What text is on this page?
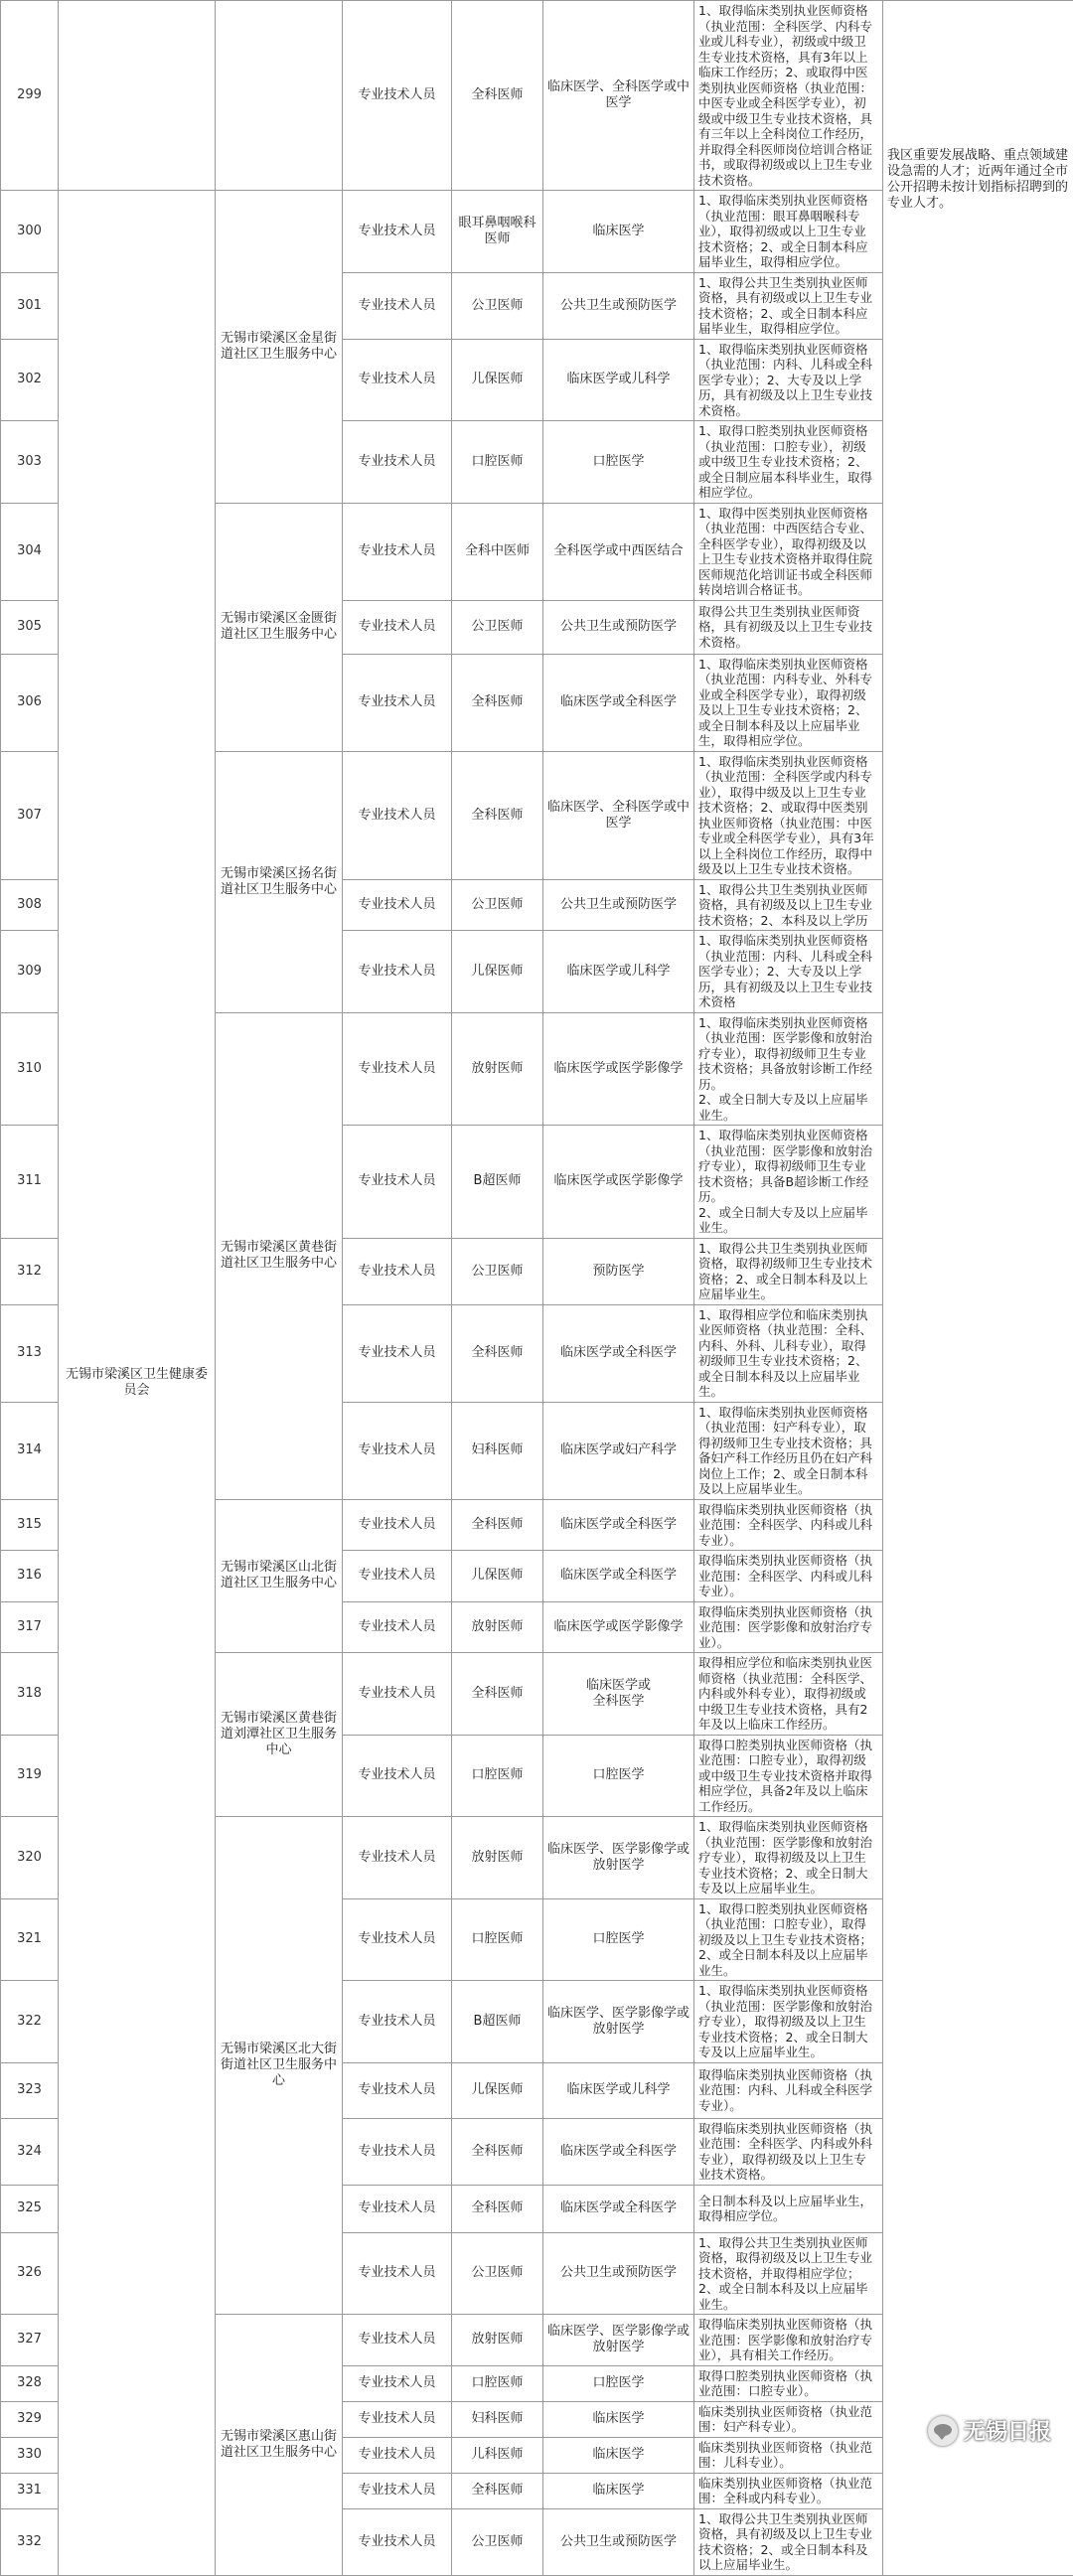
299			专业技术人员	全科医师	临床医学、全科医学或中医学	1、取得临床类别执业医师资格（执业范围：全科医学、内科专业或儿科专业），初级或中级卫生专业技术资格，具有3年以上临床工作经历；2、或取得中医类别执业医师资格（执业范围：中医专业或全科医学专业），初级或中级卫生专业技术资格，具有三年以上全科岗位工作经历，并取得全科医师岗位培训合格证书，或取得初级或以上卫生专业技术资格。	我区重要发展战略、重点领域建设急需的人才；近两年通过全市公开招聘未按计划指标招聘到的专业人才。
300	无锡市梁溪区卫生健康委员会	无锡市梁溪区金星街道社区卫生服务中心	专业技术人员	眼耳鼻咽喉科医师	临床医学	1、取得临床类别执业医师资格（执业范围：眼耳鼻咽喉科专业），取得初级或以上卫生专业技术资格；2、或全日制本科应届毕业生，取得相应学位。	
301			专业技术人员	公卫医师	公共卫生或预防医学	1、取得公共卫生类别执业医师资格，具有初级或以上卫生专业技术资格；2、或全日制本科应届毕业生，取得相应学位。	
302			专业技术人员	儿保医师	临床医学或儿科学	1、取得临床类别执业医师资格（执业范围：内科、儿科或全科医学专业）；2、大专及以上学历，具有初级及以上卫生专业技术资格。	
303			专业技术人员	口腔医师	口腔医学	1、取得口腔类别执业医师资格（执业范围：口腔专业），初级或中级卫生专业技术资格；2、或全日制应届本科毕业生，取得相应学位。	
304		无锡市梁溪区金匮街道社区卫生服务中心	专业技术人员	全科中医师	全科医学或中西医结合	1、取得中医类别执业医师资格（执业范围：中西医结合专业、全科医学专业），取得初级及以上卫生专业技术资格并取得住院医师规范化培训证书或全科医师转岗培训合格证书。	
305			专业技术人员	公卫医师	公共卫生或预防医学	取得公共卫生类别执业医师资格，具有初级及以上卫生专业技术资格。	
306			专业技术人员	全科医师	临床医学或全科医学	1、取得临床类别执业医师资格（执业范围：内科专业、外科专业或全科医学专业），取得初级及以上卫生专业技术资格；2、或全日制本科及以上应届毕业生，取得相应学位。	
307		无锡市梁溪区扬名街道社区卫生服务中心	专业技术人员	全科医师	临床医学、全科医学或中医学	1、取得临床类别执业医师资格（执业范围：全科医学或内科专业），取得中级及以上卫生专业技术资格；2、或取得中医类别执业医师资格（执业范围：中医专业或全科医学专业），具有3年以上全科岗位工作经历，取得中级及以上卫生专业技术资格。	
308			专业技术人员	公卫医师	公共卫生或预防医学	1、取得公共卫生类别执业医师资格，具有初级及以上卫生专业技术资格；2、本科及以上学历	
309			专业技术人员	儿保医师	临床医学或儿科学	1、取得临床类别执业医师资格（执业范围：内科、儿科或全科医学专业）；2、大专及以上学历，具有初级及以上卫生专业技术资格	
310		无锡市梁溪区黄巷街道社区卫生服务中心	专业技术人员	放射医师	临床医学或医学影像学	1、取得临床类别执业医师资格（执业范围：医学影像和放射治疗专业），取得初级师卫生专业技术资格；具备放射诊断工作经历。
2、或全日制大专及以上应届毕业生。	
311			专业技术人员	B超医师	临床医学或医学影像学	1、取得临床类别执业医师资格（执业范围：医学影像和放射治疗专业），取得初级师卫生专业技术资格；具备B超诊断工作经历。
2、或全日制大专及以上应届毕业生。	
312			专业技术人员	公卫医师	预防医学	1、取得公共卫生类别执业医师资格，取得初级师卫生专业技术资格；2、或全日制本科及以上应届毕业生。	
313			专业技术人员	全科医师	临床医学或全科医学	1、取得相应学位和临床类别执业医师资格（执业范围：全科、内科、外科、儿科专业），取得初级师卫生专业技术资格；2、或全日制本科及以上应届毕业生。	
314			专业技术人员	妇科医师	临床医学或妇产科学	1、取得临床类别执业医师资格（执业范围：妇产科专业），取得初级师卫生专业技术资格；具备妇产科工作经历且仍在妇产科岗位上工作；2、或全日制本科及以上应届毕业生。	
315		无锡市梁溪区山北街道社区卫生服务中心	专业技术人员	全科医师	临床医学或全科医学	取得临床类别执业医师资格（执业范围：全科医学、内科或儿科专业）。	
316			专业技术人员	儿保医师	临床医学或全科医学	取得临床类别执业医师资格（执业范围：全科医学、内科或儿科专业）。	
317			专业技术人员	放射医师	临床医学或医学影像学	取得临床类别执业医师资格（执业范围：医学影像和放射治疗专业）。	
318		无锡市梁溪区黄巷街道刘潭社区卫生服务中心	专业技术人员	全科医师	临床医学或
全科医学	取得相应学位和临床类别执业医师资格（执业范围：全科医学、内科或外科专业），取得初级或中级卫生专业技术资格，具有2年及以上临床工作经历。	
319			专业技术人员	口腔医师	口腔医学	取得口腔类别执业医师资格（执业范围：口腔专业），取得初级或中级卫生专业技术资格并取得相应学位，具备2年及以上临床工作经历。	
320		无锡市梁溪区北大街街道社区卫生服务中心	专业技术人员	放射医师	临床医学、医学影像学或放射医学	1、取得临床类别执业医师资格（执业范围：医学影像和放射治疗专业），取得初级及以上卫生专业技术资格；2、或全日制大专及以上应届毕业生。	
321			专业技术人员	口腔医师	口腔医学	1、取得口腔类别执业医师资格（执业范围：口腔专业），取得初级及以上卫生专业技术资格；2、或全日制本科及以上应届毕业生。	
322			专业技术人员	B超医师	临床医学、医学影像学或放射医学	1、取得临床类别执业医师资格（执业范围：医学影像和放射治疗专业），取得初级及以上卫生专业技术资格；2、或全日制大专及以上应届毕业生。	
323			专业技术人员	儿保医师	临床医学或儿科学	取得临床类别执业医师资格（执业范围：内科、儿科或全科医学专业）。	
324			专业技术人员	全科医师	临床医学或全科医学	取得临床类别执业医师资格（执业范围：全科医学、内科或外科专业），取得初级及以上卫生专业技术资格。	
325			专业技术人员	全科医师	临床医学或全科医学	全日制本科及以上应届毕业生，取得相应学位。	
326			专业技术人员	公卫医师	公共卫生或预防医学	1、取得公共卫生类别执业医师资格，取得初级及以上卫生专业技术资格，并取得相应学位；2、或全日制本科及以上应届毕业生。	
327		无锡市梁溪区惠山街道社区卫生服务中心	专业技术人员	放射医师	临床医学、医学影像学或放射医学	取得临床类别执业医师资格（执业范围：医学影像和放射治疗专业），具有相关工作经历。	
328			专业技术人员	口腔医师	口腔医学	取得口腔类别执业医师资格（执业范围：口腔专业）。	
329			专业技术人员	妇科医师	临床医学	临床类别执业医师资格（执业范围：妇产科专业）。	
330			专业技术人员	儿科医师	临床医学	临床类别执业医师资格（执业范围：儿科专业）。	
331			专业技术人员	全科医师	临床医学	临床类别执业医师资格（执业范围：全科或内科专业）。	
332			专业技术人员	公卫医师	公共卫生或预防医学	1、取得公共卫生类别执业医师资格，具有初级及以上卫生专业技术资格；2、或全日制本科及以上应届毕业生。	
无锡日报
